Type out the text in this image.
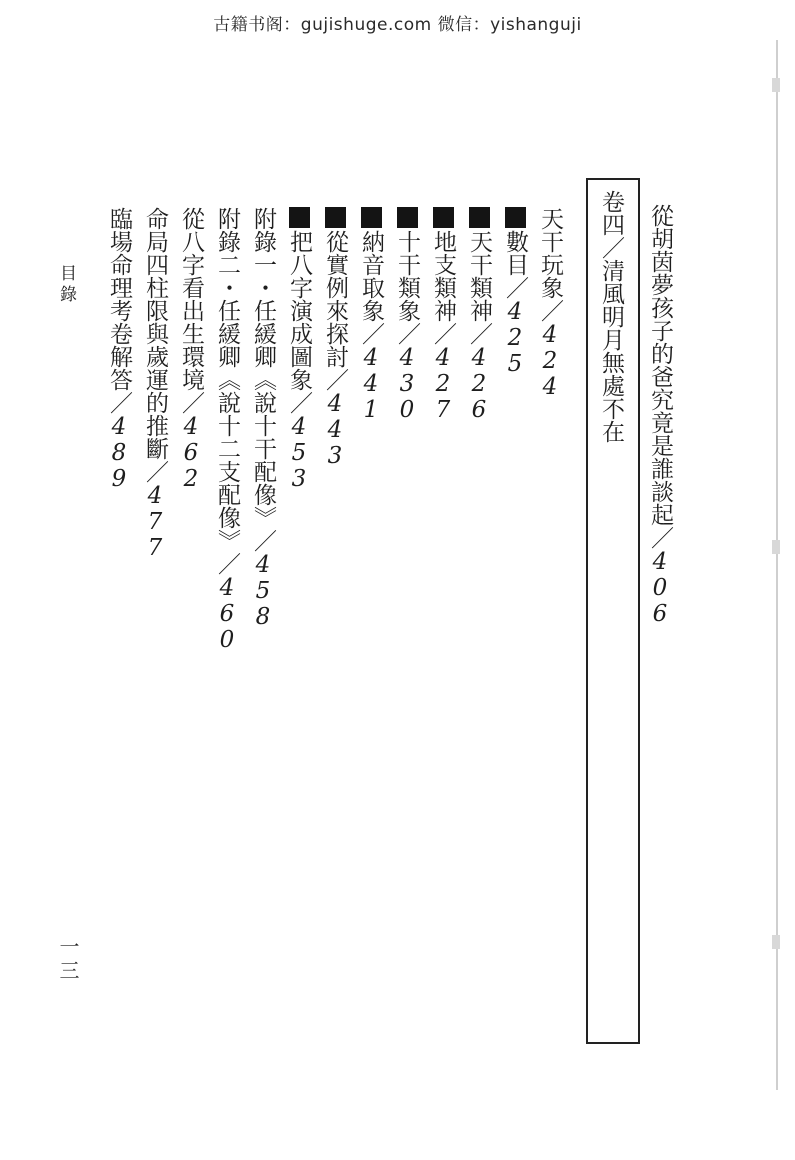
古籍书阁：gujishuge.com 微信：yishanguji
從胡茵夢孩子的爸究竟是誰談起／406
卷四／清風明月無處不在
天干玩象／424
數目／425
天干類神／426
地支類神／427
十干類象／430
納音取象／441
從實例來探討／443
把八字演成圖象／453
附錄一・任緩卿《說十干配像》／458
附錄二・任緩卿《說十二支配像》／460
從八字看出生環境／462
命局四柱限與歲運的推斷／477
臨場命理考卷解答／489
目錄
一三
